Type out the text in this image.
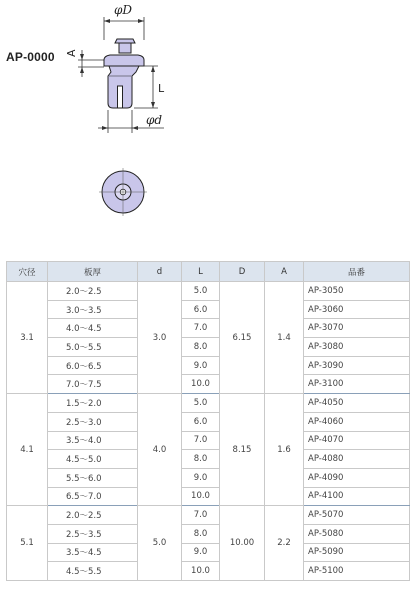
AP-0000
φD
A
L
φd
穴径	板厚	d	L	D	A	品番
3.1	2.0～2.5	3.0	5.0	6.15	1.4	AP-3050
	3.0～3.5		6.0			AP-3060
	4.0～4.5		7.0			AP-3070
	5.0～5.5		8.0			AP-3080
	6.0～6.5		9.0			AP-3090
	7.0～7.5		10.0			AP-3100
4.1	1.5～2.0	4.0	5.0	8.15	1.6	AP-4050
	2.5～3.0		6.0			AP-4060
	3.5～4.0		7.0			AP-4070
	4.5～5.0		8.0			AP-4080
	5.5～6.0		9.0			AP-4090
	6.5～7.0		10.0			AP-4100
5.1	2.0～2.5	5.0	7.0	10.00	2.2	AP-5070
	2.5～3.5		8.0			AP-5080
	3.5～4.5		9.0			AP-5090
	4.5～5.5		10.0			AP-5100
